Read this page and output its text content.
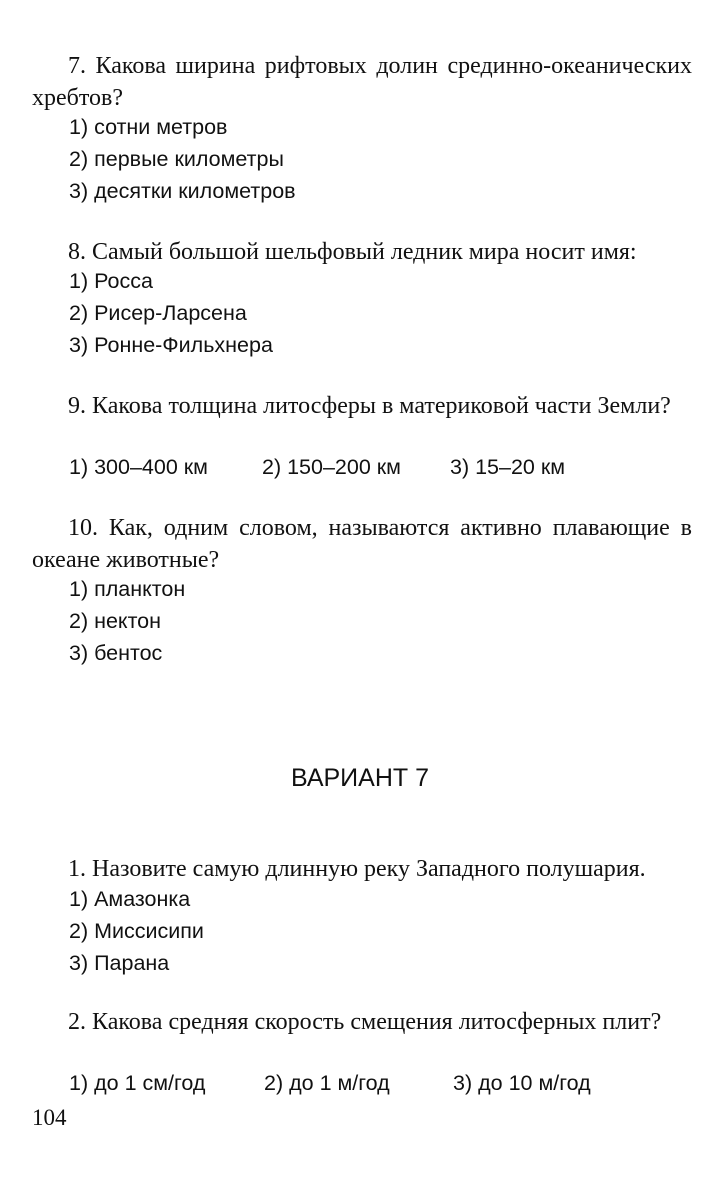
7. Какова ширина рифтовых долин срединно-океанических хребтов?

1) сотни метров

2) первые километры

3) десятки километров

8. Самый большой шельфовый ледник мира носит имя:

1) Росса

2) Рисер-Ларсена

3) Ронне-Фильхнера

9. Какова толщина литосферы в материковой части Земли?

1) 300–400 км	2) 150–200 км 3) 15–20 км

10. Как, одним словом, называются активно плавающие в океане животные?

1) планктон

2) нектон

3) бентос

ВАРИАНТ 7

1. Назовите самую длинную реку Западного полушария.

1) Амазонка

2) Миссисипи

3) Парана

2. Какова средняя скорость смещения литосферных плит?

1) до 1 см/год	2) до 1 м/год	3) до 10 м/год

104
